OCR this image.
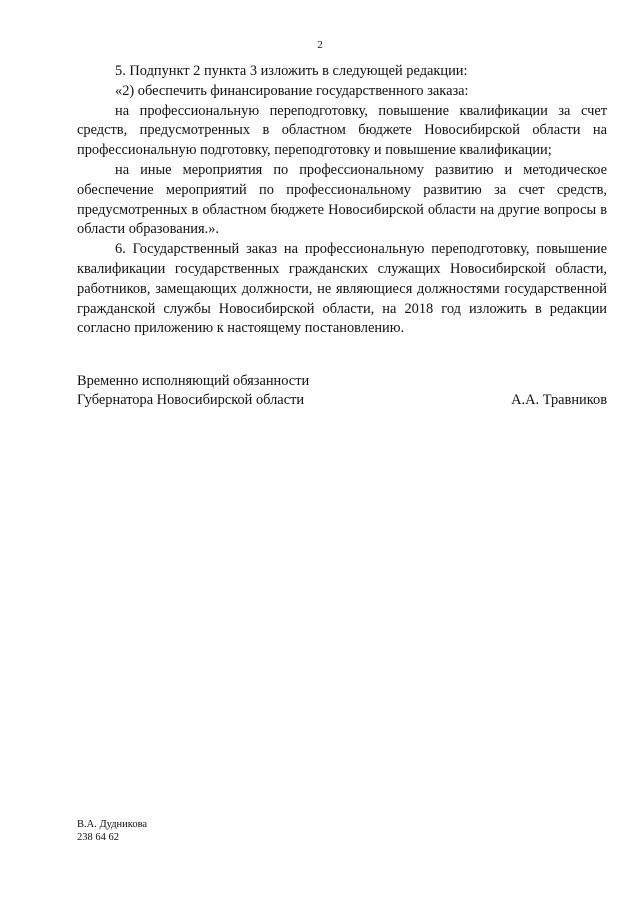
2

5. Подпункт 2 пункта 3 изложить в следующей редакции:

«2) обеспечить финансирование государственного заказа:

на профессиональную переподготовку, повышение квалификации за счет средств, предусмотренных в областном бюджете Новосибирской области на профессиональную подготовку, переподготовку и повышение квалификации;

на иные мероприятия по профессиональному развитию и методическое обеспечение мероприятий по профессиональному развитию за счет средств, предусмотренных в областном бюджете Новосибирской области на другие вопросы в области образования.».

6. Государственный заказ на профессиональную переподготовку, повышение квалификации государственных гражданских служащих Новосибирской области, работников, замещающих должности, не являющиеся должностями государственной гражданской службы Новосибирской области, на 2018 год изложить в редакции согласно приложению к настоящему постановлению.

Временно исполняющий обязанности
Губернатора Новосибирской области	А.А. Травников
В.А. Дудникова
238 64 62
